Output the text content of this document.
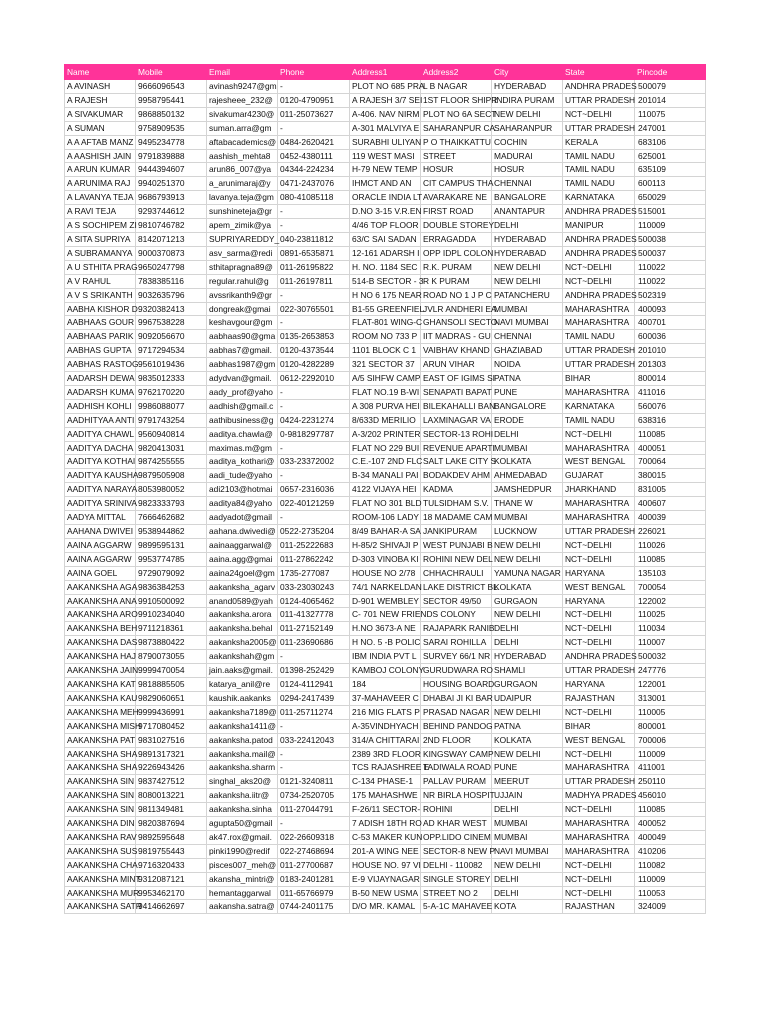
Name	Mobile	Email	Phone	Address1	Address2	City	State	Pincode
A AVINASH	9666096543	avinash9247@gm	-	PLOT NO 685 PRA	L B NAGAR	HYDERABAD	ANDHRA PRADES	500079
A RAJESH	9958795441	rajesheee_232@	0120-4790951	A RAJESH 3/7 SEI	1ST FLOOR SHIPR	INDIRA PURAM	UTTAR PRADESH	201014
A SIVAKUMAR	9868850132	sivakumar4230@	011-25073627	A-406. NAV NIRM	PLOT NO 6A SECT	NEW DELHI	NCT~DELHI	110075
A SUMAN	9758909535	suman.arra@gm	-	A-301 MALVIYA E	SAHARANPUR CA	SAHARANPUR	UTTAR PRADESH	247001
A A AFTAB MANZ	9495234778	aftabacademics@	0484-2620421	SURABHI ULIYAN	P O THAIKKATTU	COCHIN	KERALA	683106
A AASHISH JAIN	9791839888	aashish_mehta8	0452-4380111	119 WEST MASI	STREET	MADURAI	TAMIL NADU	625001
A ARUN KUMAR	9444394607	arun86_007@ya	04344-224234	H-79 NEW TEMP	HOSUR	HOSUR	TAMIL NADU	635109
A ARUNIMA RAJ	9940251370	a_arunimaraj@y	0471-2437076	IHMCT AND AN	CIT CAMPUS THA	CHENNAI	TAMIL NADU	600113
A LAVANYA TEJA	9686793913	lavanya.teja@gm	080-41085118	ORACLE INDIA LT	AVARAKARE NE	BANGALORE	KARNATAKA	650029
A RAVI TEJA	9293744612	sunshineteja@gr	-	D.NO 3-15 V.R.EN	FIRST ROAD	ANANTAPUR	ANDHRA PRADES	515001
A S SOCHIPEM ZI	9810746782	apem_zimik@ya	-	4/46 TOP FLOOR	DOUBLE STOREY	DELHI	MANIPUR	110009
A SITA SUPRIYA	8142071213	SUPRIYAREDDY_	040-23811812	63/C SAI SADAN	ERRAGADDA	HYDERABAD	ANDHRA PRADES	500038
A SUBRAMANYA	9000370873	asv_sarma@redi	0891-6535871	12-161 ADARSH I	OPP IDPL COLON	HYDERABAD	ANDHRA PRADES	500037
A U STHITA PRAG	9650247798	sthitapragna89@	011-26195822	H. NO. 1184 SEC	R.K. PURAM	NEW DELHI	NCT~DELHI	110022
A V RAHUL	7838385116	regular.rahul@g	011-26197811	514-B SECTOR - 3	R K PURAM	NEW DELHI	NCT~DELHI	110022
A V S SRIKANTH	9032635796	avssrikanth9@gr	-	H NO 6 175 NEAR	ROAD NO 1 J P C	PATANCHERU	ANDHRA PRADES	502319
AABHA KISHOR D	9320382413	dongreak@gmai	022-30765501	B1-55 GREENFIEL	JVLR ANDHERI EA	MUMBAI	MAHARASHTRA	400093
AABHAAS GOUR	9967538228	keshavgour@gm	-	FLAT-801 WING-C	GHANSOLI SECTO	NAVI MUMBAI	MAHARASHTRA	400701
AABHAAS PARIK	9092056670	aabhaas90@gma	0135-2653853	ROOM NO 733 P	IIT MADRAS - GU	CHENNAI	TAMIL NADU	600036
AABHAS GUPTA	9717294534	aabhas7@gmail.	0120-4373544	1101 BLOCK C 1	VAIBHAV KHAND	GHAZIABAD	UTTAR PRADESH	201010
AABHAS RASTOG	9561019436	aabhas1987@gm	0120-4282289	321 SECTOR 37	ARUN VIHAR	NOIDA	UTTAR PRADESH	201303
AADARSH DEWA	9835012333	adydvan@gmail.	0612-2292010	A/5 SIHFW CAMP	EAST OF IGIMS SI	PATNA	BIHAR	800014
AADARSH KUMA	9762170220	aady_prof@yaho	-	FLAT NO.19 B-WI	SENAPATI BAPAT	PUNE	MAHARASHTRA	411016
AADHISH KOHLI	9986088077	aadhish@gmail.c	-	A 308 PURVA HEI	BILEKAHALLI BAN	BANGALORE	KARNATAKA	560076
AADHITYAA ANTI	9791743254	aathibusiness@g	0424-2231274	8/633D MERILIO	LAXMINAGAR VA	ERODE	TAMIL NADU	638316
AADITYA CHAWL	9560940814	aaditya.chawla@	0-9818297787	A-3/202 PRINTER	SECTOR-13 ROHI	DELHI	NCT~DELHI	110085
AADITYA DACHA	9820413031	maximas.m@gm	-	FLAT NO 229 BUI	REVENUE APARTI	MUMBAI	MAHARASHTRA	400051
AADITYA KOTHAI	9874255555	aaditya_kothari@	033-23372002	C.E.-107 2ND FLC	SALT LAKE CITY S	KOLKATA	WEST BENGAL	700064
AADITYA KAUSHA	9879505908	aadi_tude@yaho	-	B-34 MANALI PAI	BODAKDEV AHM	AHMEDABAD	GUJARAT	380015
AADITYA NARAYA	8053980052	adi2103@hotmai	0657-2316036	4122 VIJAYA HEI	KADMA	JAMSHEDPUR	JHARKHAND	831005
AADITYA SRINIVA	9823333793	aaditya84@yaho	022-40121259	FLAT NO 301 BLD	TULSIDHAM S.V.	THANE W	MAHARASHTRA	400607
AADYA MITTAL	7666462682	aadyadot@gmail	-	ROOM-106 LADY	18 MADAME CAM	MUMBAI	MAHARASHTRA	400039
AAHANA DWIVEI	9538944862	aahana.dwivedi@	0522-2735204	8/49 BAHAR-A SA	JANKIPURAM	LUCKNOW	UTTAR PRADESH	226021
AAINA AGGARW	9899595131	aainaaggarwal@	011-25222683	H-85/2 SHIVAJI P	WEST PUNJABI B	NEW DELHI	NCT~DELHI	110026
AAINA AGGARW	9953774785	aaina.agg@gmai	011-27862242	D-303 VINOBA KI	ROHINI NEW DEL	NEW DELHI	NCT~DELHI	110085
AAINA GOEL	9729079092	aaina24goel@gm	1735-277087	HOUSE NO 2/78	CHHACHRAULI	YAMUNA NAGAR	HARYANA	135103
AAKANKSHA AGA	9836384253	aakanksha_agarv	033-23030243	74/1 NARKELDAN	LAKE DISTRICT BL	KOLKATA	WEST BENGAL	700054
AAKANKSHA ANA	9910500092	anand0589@yah	0124-4065462	D-901 WEMBLEY	SECTOR 49/50	GURGAON	HARYANA	122002
AAKANKSHA ARO	9910234040	aakanksha.arora	011-41327778	C- 701 NEW FRIENDS COLONY		NEW DELHI	NCT~DELHI	110025
AAKANKSHA BEH	9711218361	aakanksha.behal	011-27152149	H.NO 3673-A NE	RAJAPARK RANIB	DELHI	NCT~DELHI	110034
AAKANKSHA DAS	9873880422	aakanksha2005@	011-23690686	H NO. 5 -B POLIC	SARAI ROHILLA	DELHI	NCT~DELHI	110007
AAKANKSHA HAJ	8790073055	aakankshah@gm	-	IBM INDIA PVT L	SURVEY 66/1 NR	HYDERABAD	ANDHRA PRADES	500032
AAKANKSHA JAIN	9999470054	jain.aaks@gmail.	01398-252429	KAMBOJ COLONY	GURUDWARA RO	SHAMLI	UTTAR PRADESH	247776
AAKANKSHA KAT	9818885505	katarya_anil@re	0124-4112941	184	HOUSING BOARD	GURGAON	HARYANA	122001
AAKANKSHA KAU	9829060651	kaushik.aakanks	0294-2417439	37-MAHAVEER C	DHABAI JI KI BAR	UDAIPUR	RAJASTHAN	313001
AAKANKSHA MEH	9999436991	aakanksha7189@	011-25711274	216 MIG FLATS P	PRASAD NAGAR	NEW DELHI	NCT~DELHI	110005
AAKANKSHA MISH	9717080452	aakanksha1411@	-	A-35VINDHYACH	BEHIND PANDOG	PATNA	BIHAR	800001
AAKANKSHA PAT	9831027516	aakanksha.patod	033-22412043	314/A CHITTARAI	2ND FLOOR	KOLKATA	WEST BENGAL	700006
AAKANKSHA SHA	9891317321	aakanksha.mail@	-	2389 3RD FLOOR	KINGSWAY CAMP	NEW DELHI	NCT~DELHI	110009
AAKANKSHA SHA	9226943426	aakanksha.sharm	-	TCS RAJASHREE E	TADIWALA ROAD	PUNE	MAHARASHTRA	411001
AAKANKSHA SIN	9837427512	singhal_aks20@	0121-3240811	C-134 PHASE-1	PALLAV PURAM	MEERUT	UTTAR PRADESH	250110
AAKANKSHA SIN	8080013221	aakanksha.iitr@	0734-2520705	175 MAHASHWE	NR BIRLA HOSPIT	UJJAIN	MADHYA PRADES	456010
AAKANKSHA SIN	9811349481	aakanksha.sinha	011-27044791	F-26/11 SECTOR-	ROHINI	DELHI	NCT~DELHI	110085
AAKANKSHA DIN	9820387694	agupta50@gmail	-	7 ADISH 18TH RO	AD KHAR WEST	MUMBAI	MAHARASHTRA	400052
AAKANKSHA RAV	9892595648	ak47.rox@gmail.	022-26609318	C-53 MAKER KUN	OPP.LIDO CINEM	MUMBAI	MAHARASHTRA	400049
AAKANKSHA SUS	9819755443	pinki1990@redif	022-27468694	201-A WING NEE	SECTOR-8 NEW P	NAVI MUMBAI	MAHARASHTRA	410206
AAKANKSHA CHA	9716320433	pisces007_meh@	011-27700687	HOUSE NO. 97 VI	DELHI - 110082	NEW DELHI	NCT~DELHI	110082
AAKANKSHA MINT	9312087121	akansha_mintri@	0183-2401281	E-9 VIJAYNAGAR	SINGLE STOREY	DELHI	NCT~DELHI	110009
AAKANKSHA MUR	9953462170	hemantaggarwal	011-65766979	B-50 NEW USMA	STREET NO 2	DELHI	NCT~DELHI	110053
AAKANKSHA SATR	9414662697	aakansha.satra@	0744-2401175	D/O MR. KAMAL	5-A-1C MAHAVEE	KOTA	RAJASTHAN	324009
